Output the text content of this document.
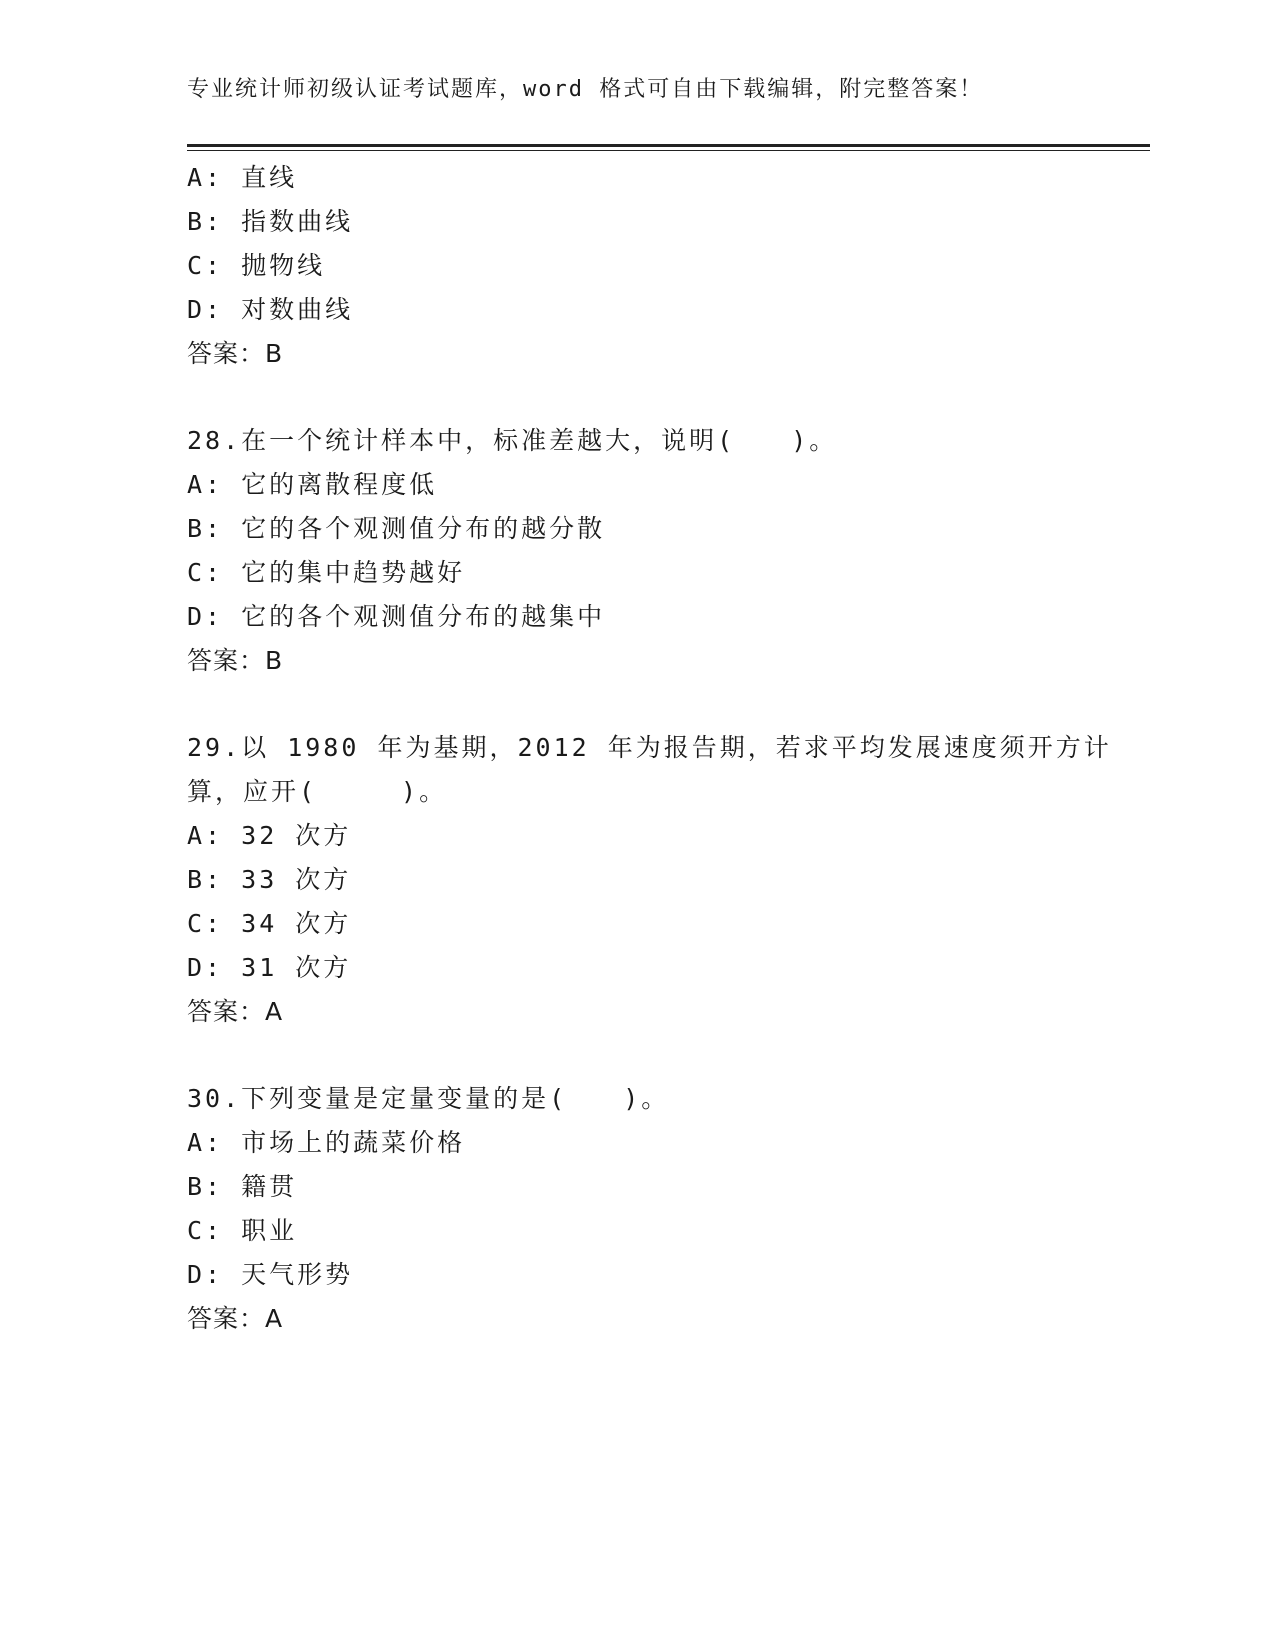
专业统计师初级认证考试题库，word 格式可自由下载编辑，附完整答案！
A: 直线
B: 指数曲线
C: 抛物线
D: 对数曲线
答案：B
28.在一个统计样本中，标准差越大，说明(　　)。
A: 它的离散程度低
B: 它的各个观测值分布的越分散
C: 它的集中趋势越好
D: 它的各个观测值分布的越集中
答案：B
29.以 1980 年为基期，2012 年为报告期，若求平均发展速度须开方计
算，应开(　　　)。
A: 32 次方
B: 33 次方
C: 34 次方
D: 31 次方
答案：A
30.下列变量是定量变量的是(　　)。
A: 市场上的蔬菜价格
B: 籍贯
C: 职业
D: 天气形势
答案：A
